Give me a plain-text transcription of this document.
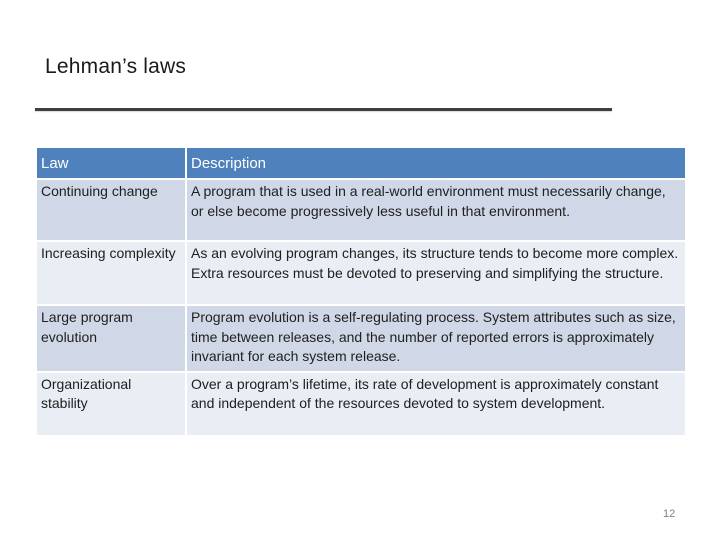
Lehman’s laws
Law	Description
Continuing change	A program that is used in a real-world environment must necessarily change, or else become progressively less useful in that environment.
Increasing complexity	As an evolving program changes, its structure tends to become more complex. Extra resources must be devoted to preserving and simplifying the structure.
Large program evolution	Program evolution is a self-regulating process. System attributes such as size, time between releases, and the number of reported errors is approximately invariant for each system release.
Organizational stability	Over a program’s lifetime, its rate of development is approximately constant and independent of the resources devoted to system development.
12
